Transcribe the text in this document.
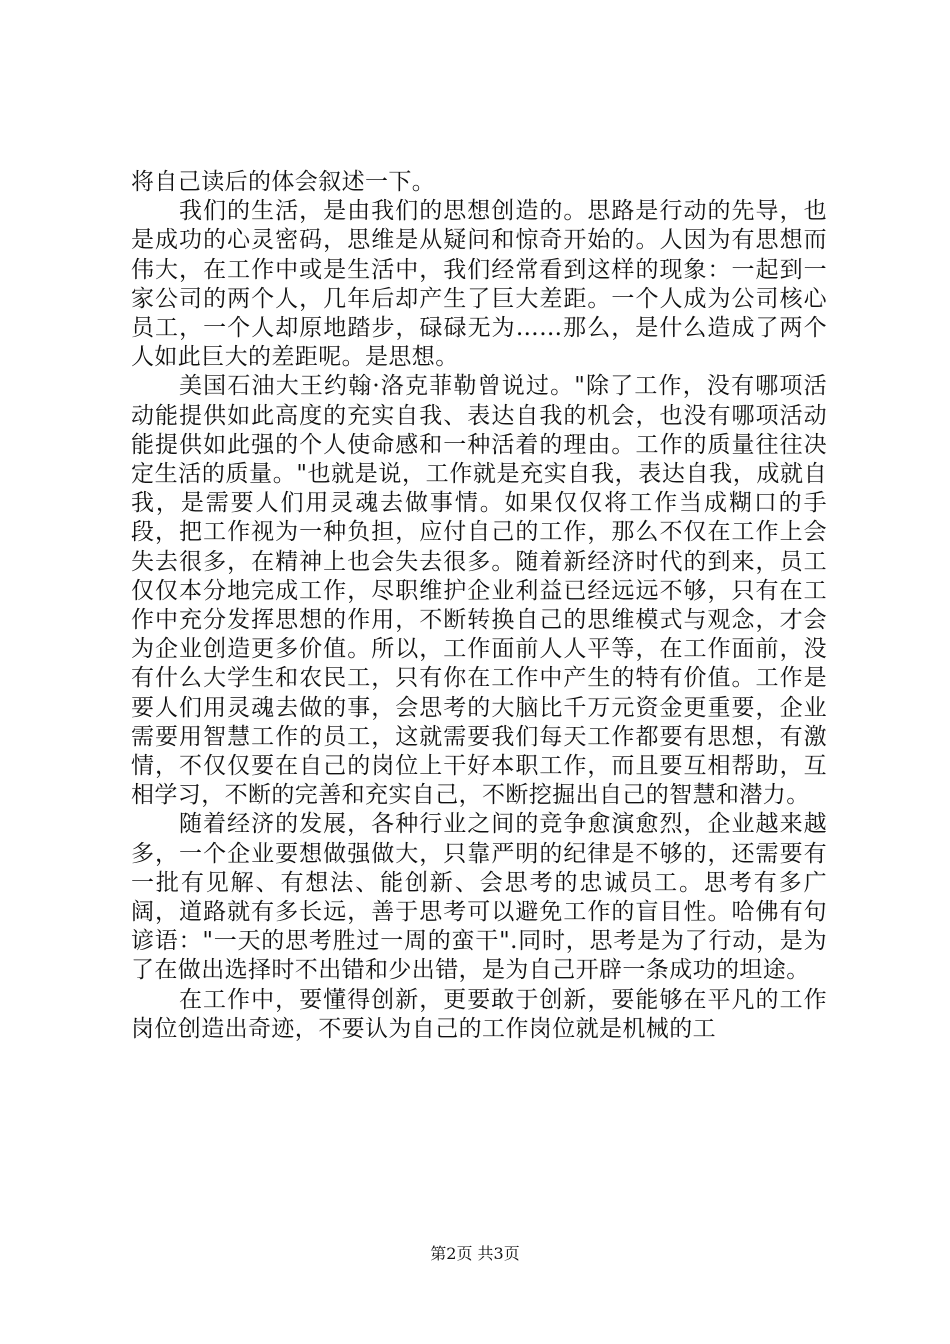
将自己读后的体会叙述一下。

我们的生活，是由我们的思想创造的。思路是行动的先导，也是成功的心灵密码，思维是从疑问和惊奇开始的。人因为有思想而伟大，在工作中或是生活中，我们经常看到这样的现象：一起到一家公司的两个人，几年后却产生了巨大差距。一个人成为公司核心员工，一个人却原地踏步，碌碌无为……那么，是什么造成了两个人如此巨大的差距呢。是思想。

美国石油大王约翰·洛克菲勒曾说过。"除了工作，没有哪项活动能提供如此高度的充实自我、表达自我的机会，也没有哪项活动能提供如此强的个人使命感和一种活着的理由。工作的质量往往决定生活的质量。"也就是说，工作就是充实自我，表达自我，成就自我，是需要人们用灵魂去做事情。如果仅仅将工作当成糊口的手段，把工作视为一种负担，应付自己的工作，那么不仅在工作上会失去很多，在精神上也会失去很多。随着新经济时代的到来，员工仅仅本分地完成工作，尽职维护企业利益已经远远不够，只有在工作中充分发挥思想的作用，不断转换自己的思维模式与观念，才会为企业创造更多价值。所以，工作面前人人平等，在工作面前，没有什么大学生和农民工，只有你在工作中产生的特有价值。工作是要人们用灵魂去做的事，会思考的大脑比千万元资金更重要，企业需要用智慧工作的员工，这就需要我们每天工作都要有思想，有激情，不仅仅要在自己的岗位上干好本职工作，而且要互相帮助，互相学习，不断的完善和充实自己，不断挖掘出自己的智慧和潜力。

随着经济的发展，各种行业之间的竞争愈演愈烈，企业越来越多，一个企业要想做强做大，只靠严明的纪律是不够的，还需要有一批有见解、有想法、能创新、会思考的忠诚员工。思考有多广阔，道路就有多长远，善于思考可以避免工作的盲目性。哈佛有句谚语："一天的思考胜过一周的蛮干".同时，思考是为了行动，是为了在做出选择时不出错和少出错，是为自己开辟一条成功的坦途。

在工作中，要懂得创新，更要敢于创新，要能够在平凡的工作岗位创造出奇迹，不要认为自己的工作岗位就是机械的工

第2页 共3页
